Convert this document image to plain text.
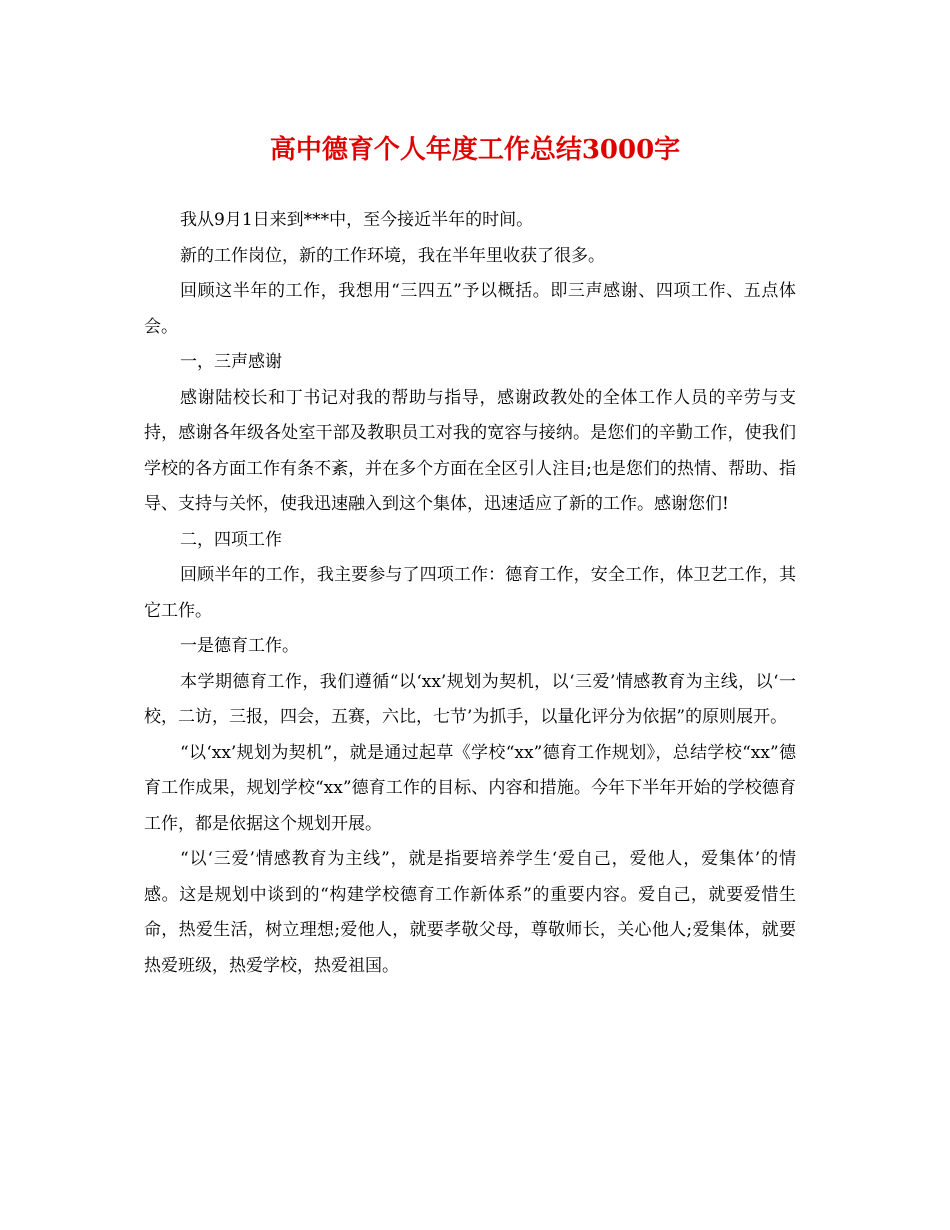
高中德育个人年度工作总结3000字

我从9月1日来到***中，至今接近半年的时间。

新的工作岗位，新的工作环境，我在半年里收获了很多。

回顾这半年的工作，我想用“三四五”予以概括。即三声感谢、四项工作、五点体会。

一，三声感谢

感谢陆校长和丁书记对我的帮助与指导，感谢政教处的全体工作人员的辛劳与支持，感谢各年级各处室干部及教职员工对我的宽容与接纳。是您们的辛勤工作，使我们学校的各方面工作有条不紊，并在多个方面在全区引人注目;也是您们的热情、帮助、指导、支持与关怀，使我迅速融入到这个集体，迅速适应了新的工作。感谢您们!

二，四项工作

回顾半年的工作，我主要参与了四项工作：德育工作，安全工作，体卫艺工作，其它工作。

一是德育工作。

本学期德育工作，我们遵循“以‘xx’规划为契机，以‘三爱’情感教育为主线，以‘一校，二访，三报，四会，五赛，六比，七节’为抓手，以量化评分为依据”的原则展开。

“以‘xx’规划为契机”，就是通过起草《学校“xx”德育工作规划》，总结学校“xx”德育工作成果，规划学校“xx”德育工作的目标、内容和措施。今年下半年开始的学校德育工作，都是依据这个规划开展。

“以‘三爱’情感教育为主线”，就是指要培养学生‘爱自己，爱他人，爱集体’的情感。这是规划中谈到的“构建学校德育工作新体系”的重要内容。爱自己，就要爱惜生命，热爱生活，树立理想;爱他人，就要孝敬父母，尊敬师长，关心他人;爱集体，就要热爱班级，热爱学校，热爱祖国。
